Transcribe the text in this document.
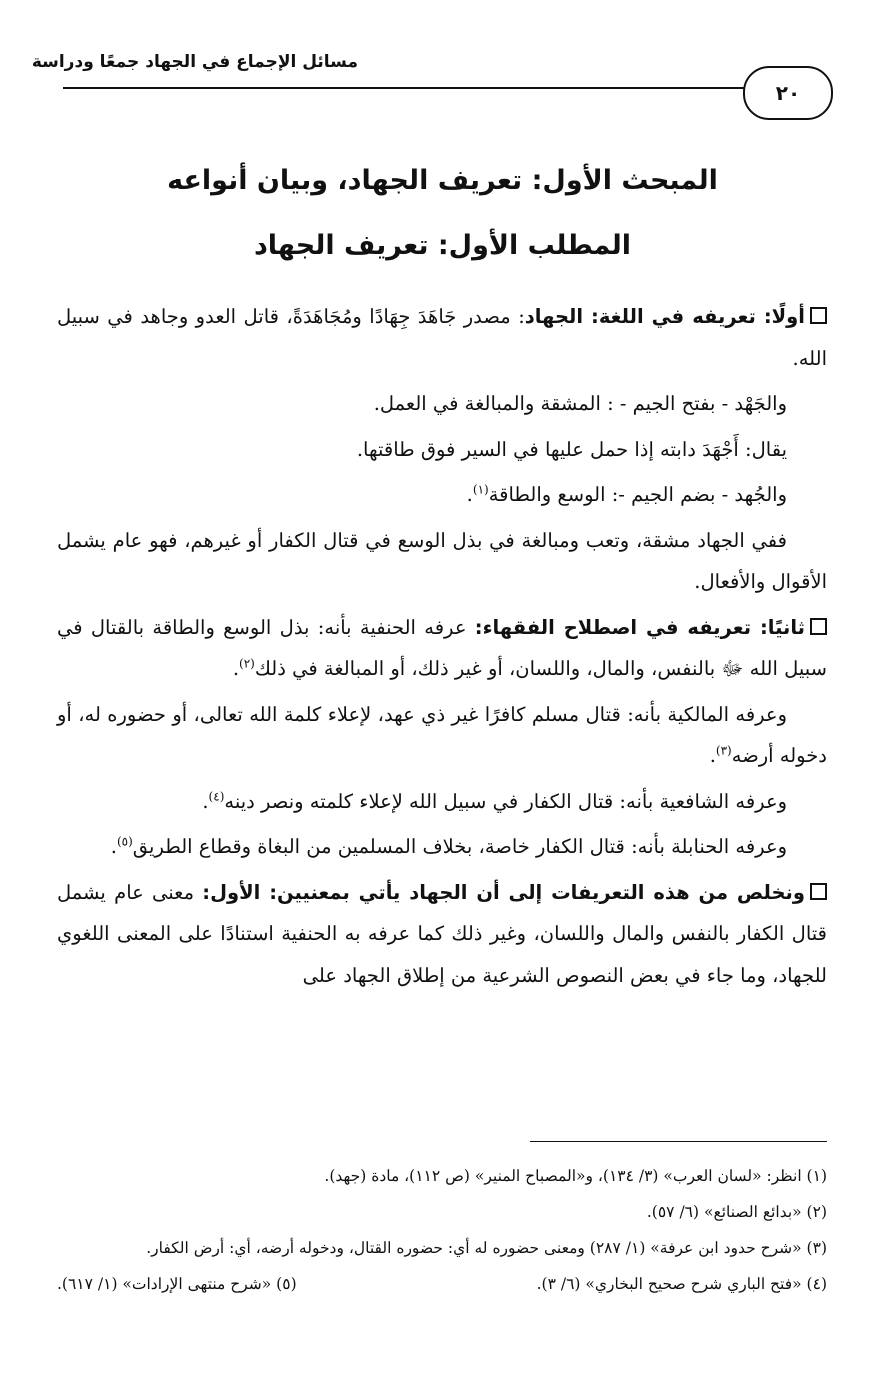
مسائل الإجماع في الجهاد جمعًا ودراسة
٢٠
المبحث الأول: تعريف الجهاد، وبيان أنواعه
المطلب الأول: تعريف الجهاد

أولًا: تعريفه في اللغة: الجهاد: مصدر جَاهَدَ جِهَادًا ومُجَاهَدَةً، قاتل العدو وجاهد في سبيل الله.

والجَهْد - بفتح الجيم - : المشقة والمبالغة في العمل.

يقال: أَجْهَدَ دابته إذا حمل عليها في السير فوق طاقتها.

والجُهد - بضم الجيم -: الوسع والطاقة$^{(١)}$.

ففي الجهاد مشقة، وتعب ومبالغة في بذل الوسع في قتال الكفار أو غيرهم، فهو عام يشمل الأقوال والأفعال.

ثانيًا: تعريفه في اصطلاح الفقهاء: عرفه الحنفية بأنه: بذل الوسع والطاقة بالقتال في سبيل الله ﷻ بالنفس، والمال، واللسان، أو غير ذلك، أو المبالغة في ذلك$^{(٢)}$.

وعرفه المالكية بأنه: قتال مسلم كافرًا غير ذي عهد، لإعلاء كلمة الله تعالى، أو حضوره له، أو دخوله أرضه$^{(٣)}$.

وعرفه الشافعية بأنه: قتال الكفار في سبيل الله لإعلاء كلمته ونصر دينه$^{(٤)}$.

وعرفه الحنابلة بأنه: قتال الكفار خاصة، بخلاف المسلمين من البغاة وقطاع الطريق$^{(٥)}$.

ونخلص من هذه التعريفات إلى أن الجهاد يأتي بمعنيين: الأول: معنى عام يشمل قتال الكفار بالنفس والمال واللسان، وغير ذلك كما عرفه به الحنفية استنادًا على المعنى اللغوي للجهاد، وما جاء في بعض النصوص الشرعية من إطلاق الجهاد على

(١) انظر: «لسان العرب» (٣/ ١٣٤)، و«المصباح المنير» (ص ١١٢)، مادة (جهد).

(٢) «بدائع الصنائع» (٦/ ٥٧).

(٣) «شرح حدود ابن عرفة» (١/ ٢٨٧) ومعنى حضوره له أي: حضوره القتال، ودخوله أرضه، أي: أرض الكفار.

(٤) «فتح الباري شرح صحيح البخاري» (٦/ ٣).
(٥) «شرح منتهى الإرادات» (١/ ٦١٧).
